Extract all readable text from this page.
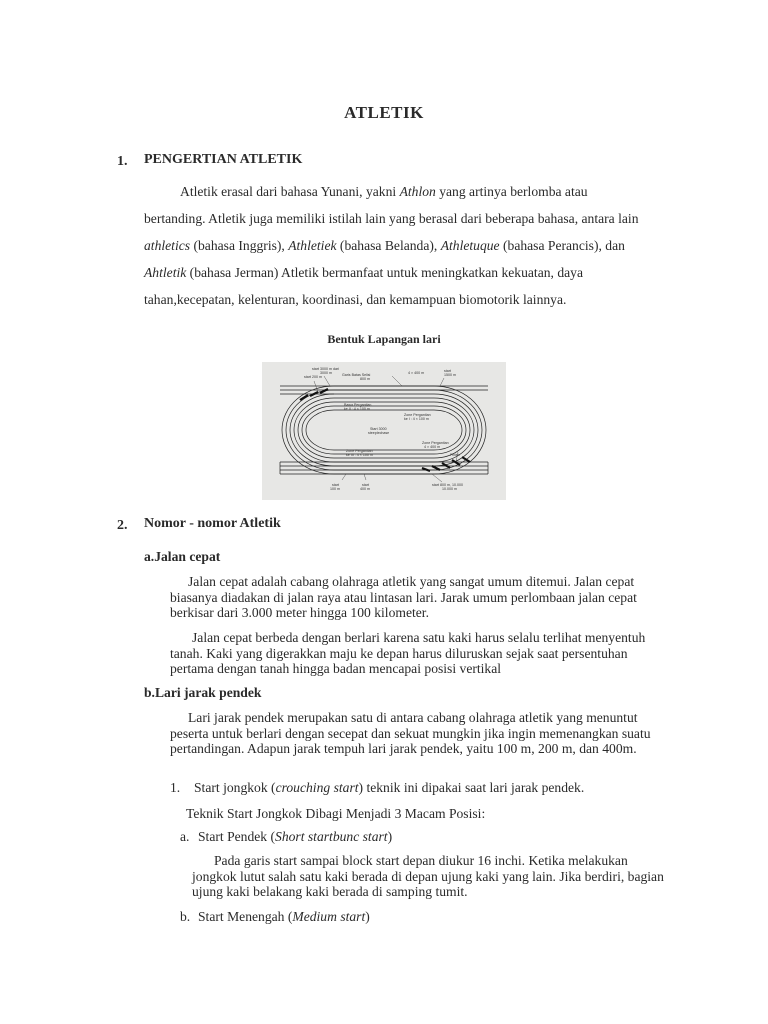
ATLETIK
1. PENGERTIAN ATLETIK

Atletik erasal dari bahasa Yunani, yakni Athlon yang artinya berlomba atau bertanding. Atletik juga memiliki istilah lain yang berasal dari beberapa bahasa, antara lain athletics (bahasa Inggris), Athletiek (bahasa Belanda), Athletuque (bahasa Perancis), dan Ahtletik (bahasa Jerman) Atletik bermanfaat untuk meningkatkan kekuatan, daya tahan,kecepatan, kelenturan, koordinasi, dan kemampuan biomotorik lainnya.

Bentuk Lapangan lari
start 3000 m dari
3000 m
start 200 m	Garis Batas Selisi
800 m
4 × 400 m	start
1500 m
Bawa Pergantian
ke II : 4 × 100 m
Zone Pergantian
ke I : 4 × 100 m
Start 3000
steeplechase
Zone Pergantian
ke III : 4 × 100 m
Zone Pergantian
4 × 400 m
Finish
start
100 m
start
400 m
start 800 m, 10.000
10.000 m
2. Nomor - nomor Atletik
a.Jalan cepat

Jalan cepat adalah cabang olahraga atletik yang sangat umum ditemui. Jalan cepat biasanya diadakan di jalan raya atau lintasan lari. Jarak umum perlombaan jalan cepat berkisar dari 3.000 meter hingga 100 kilometer.

Jalan cepat berbeda dengan berlari karena satu kaki harus selalu terlihat menyentuh tanah. Kaki yang digerakkan maju ke depan harus diluruskan sejak saat persentuhan pertama dengan tanah hingga badan mencapai posisi vertikal

b.Lari jarak pendek

Lari jarak pendek merupakan satu di antara cabang olahraga atletik yang menuntut peserta untuk berlari dengan secepat dan sekuat mungkin jika ingin memenangkan suatu pertandingan. Adapun jarak tempuh lari jarak pendek, yaitu 100 m, 200 m, dan 400m.

1. Start jongkok (crouching start) teknik ini dipakai saat lari jarak pendek.
Teknik Start Jongkok Dibagi Menjadi 3 Macam Posisi:
a. Start Pendek (Short startbunc start)

Pada garis start sampai block start depan diukur 16 inchi. Ketika melakukan jongkok lutut salah satu kaki berada di depan ujung kaki yang lain. Jika berdiri, bagian ujung kaki belakang kaki berada di samping tumit.

b. Start Menengah (Medium start)
